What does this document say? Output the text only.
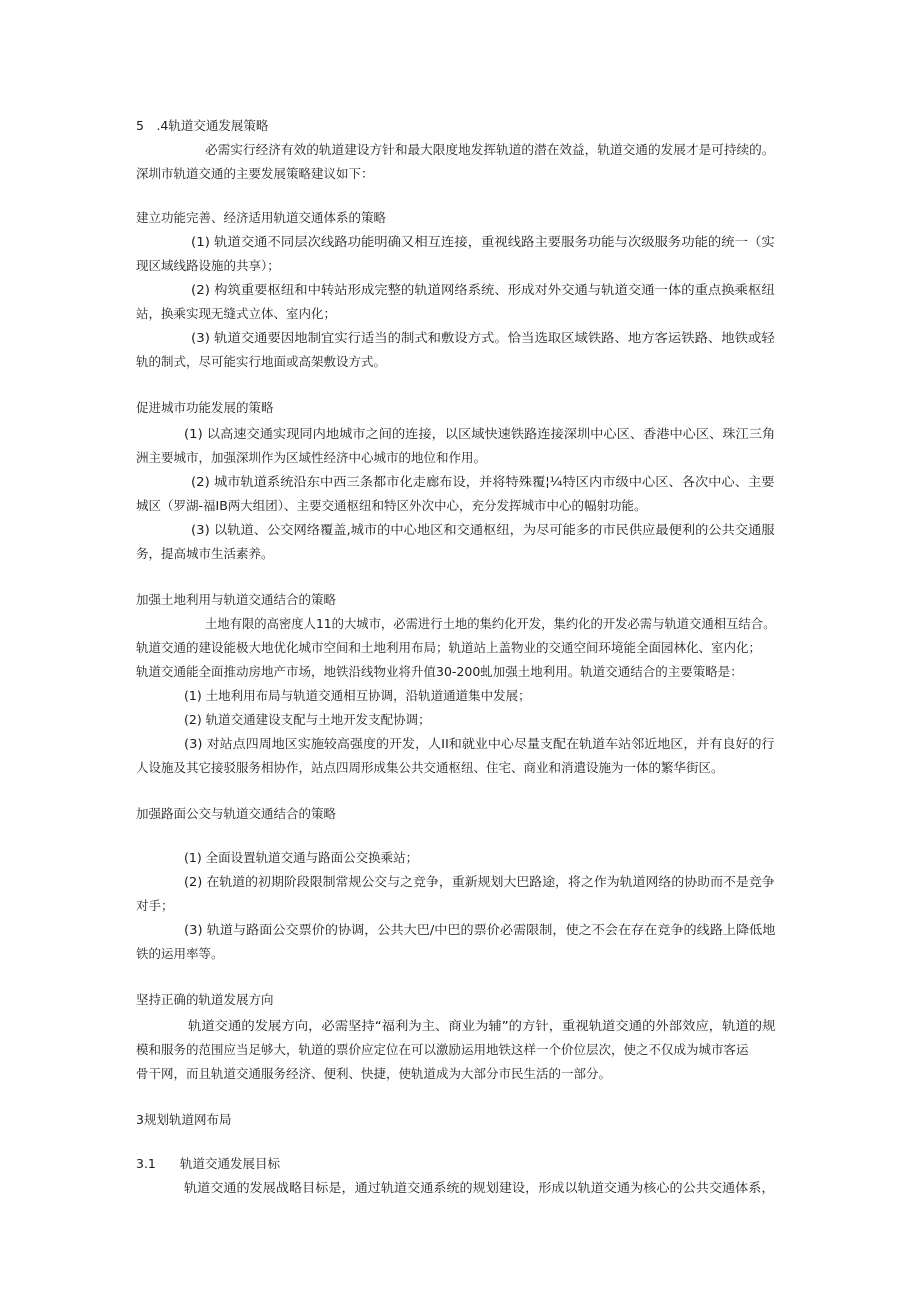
5　.4轨道交通发展策略
必需实行经济有效的轨道建设方针和最大限度地发挥轨道的潜在效益，轨道交通的发展才是可持续的。
深圳市轨道交通的主要发展策略建议如下：
建立功能完善、经济适用轨道交通体系的策略
(1) 轨道交通不同层次线路功能明确又相互连接，重视线路主要服务功能与次级服务功能的统一（实
现区域线路设施的共享）；
(2) 构筑重要枢纽和中转站形成完整的轨道网络系统、形成对外交通与轨道交通一体的重点换乘枢纽
站，换乘实现无缝式立体、室内化；
(3) 轨道交通要因地制宜实行适当的制式和敷设方式。恰当选取区域铁路、地方客运铁路、地铁或轻
轨的制式，尽可能实行地面或高架敷设方式。
促进城市功能发展的策略
(1) 以高速交通实现同内地城市之间的连接，以区域快速铁路连接深圳中心区、香港中心区、珠江三角
洲主要城市，加强深圳作为区域性经济中心城市的地位和作用。
(2) 城市轨道系统沿东中西三条都市化走廊布设，并将特殊覆¦¼特区内市级中心区、各次中心、主要
城区（罗湖-福IB两大组团）、主要交通枢纽和特区外次中心，充分发挥城市中心的幅射功能。
(3) 以轨道、公交网络覆盖,城市的中心地区和交通枢纽，为尽可能多的市民供应最便利的公共交通服
务，提高城市生活素养。
加强土地利用与轨道交通结合的策略
土地有限的高密度人11的大城市，必需进行土地的集约化开发，集约化的开发必需与轨道交通相互结合。
轨道交通的建设能极大地优化城市空间和土地利用布局；轨道站上盖物业的交通空间环境能全面园林化、室内化；
轨道交通能全面推动房地产市场，地铁沿线物业将升值30-200虬加强土地利用。轨道交通结合的主要策略是：
(1) 土地利用布局与轨道交通相互协调，沿轨道通道集中发展；
(2) 轨道交通建设支配与土地开发支配协调；
(3) 对站点四周地区实施较高强度的开发，人II和就业中心尽量支配在轨道车站邻近地区，并有良好的行
人设施及其它接驳服务相协作，站点四周形成集公共交通枢纽、住宅、商业和消遣设施为一体的繁华街区。
加强路面公交与轨道交通结合的策略
(1) 全面设置轨道交通与路面公交换乘站；
(2) 在轨道的初期阶段限制常规公交与之竞争，重新规划大巴路途，将之作为轨道网络的协助而不是竞争
对手；
(3) 轨道与路面公交票价的协调，公共大巴/中巴的票价必需限制，使之不会在存在竞争的线路上降低地
铁的运用率等。
坚持正确的轨道发展方向
轨道交通的发展方向，必需坚持“福利为主、商业为辅”的方针，重视轨道交通的外部效应，轨道的规
模和服务的范围应当足够大，轨道的票价应定位在可以激励运用地铁这样一个价位层次，使之不仅成为城市客运
骨干网，而且轨道交通服务经济、便利、快捷，使轨道成为大部分市民生活的一部分。
3规划轨道网布局
3.1 轨道交通发展目标
轨道交通的发展战略目标是，通过轨道交通系统的规划建设，形成以轨道交通为核心的公共交通体系，
